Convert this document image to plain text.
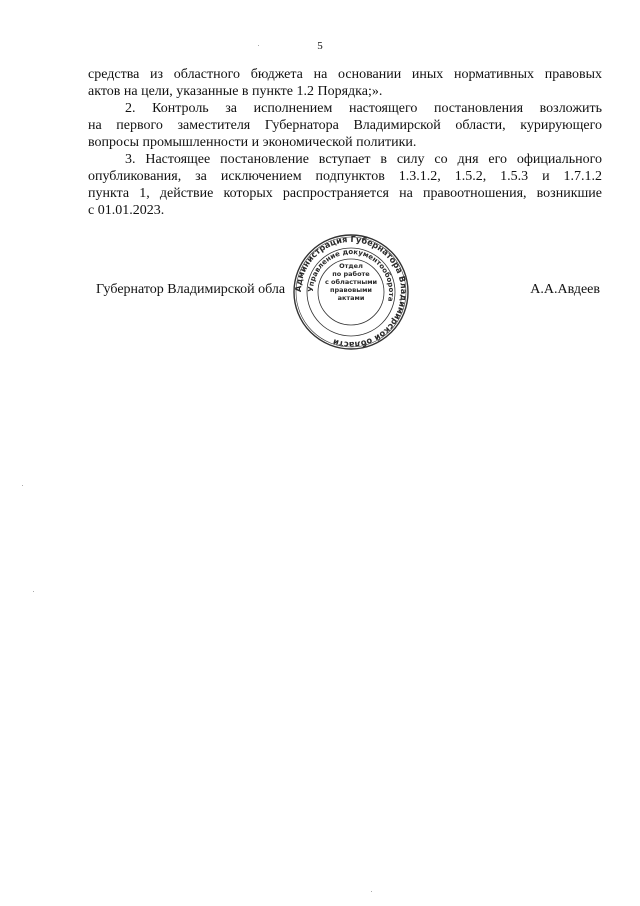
5

средства из областного бюджета на основании иных нормативных правовых
актов на цели, указанные в пункте 1.2 Порядка;».

2. Контроль за исполнением настоящего постановления возложить
на первого заместителя Губернатора Владимирской области, курирующего
вопросы промышленности и экономической политики.

3. Настоящее постановление вступает в силу со дня его официального
опубликования, за исключением подпунктов 1.3.1.2, 1.5.2, 1.5.3 и 1.7.1.2
пункта 1, действие которых распространяется на правоотношения, возникшие
с 01.01.2023.

Губернатор Владимирской обла	А.А.Авдеев
Администрация Губернатора Владимирской области
Управление документооборота
Отдел
по работе
с областными
правовыми
актами
